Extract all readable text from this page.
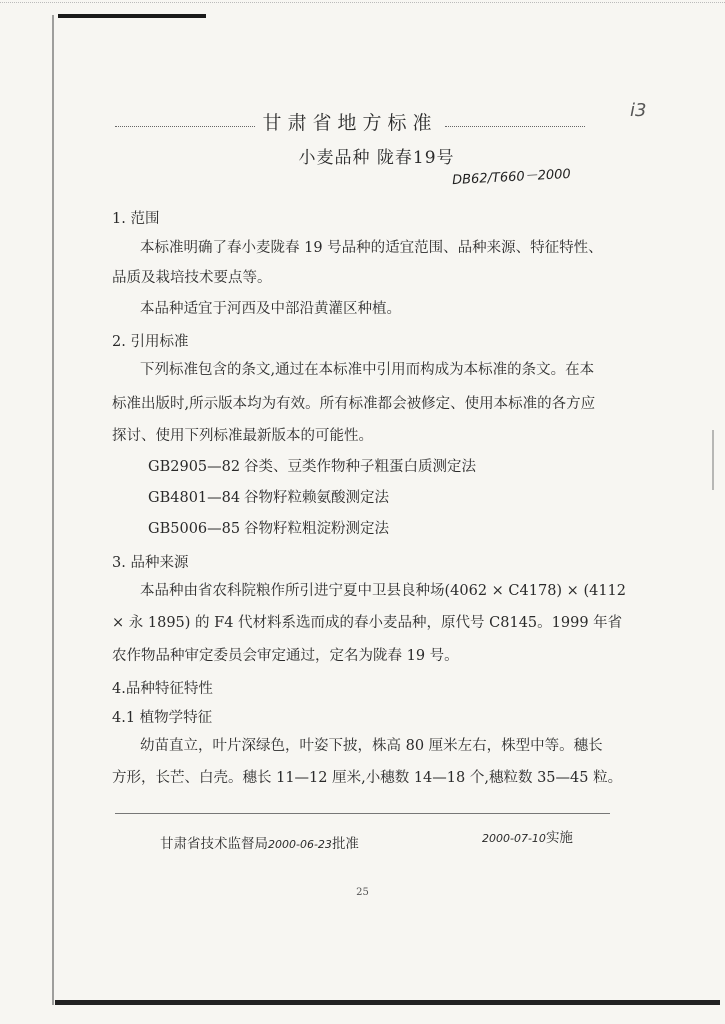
甘肃省地方标准
小麦品种 陇春19号
DB62/T660－2000
ⅰ3
1. 范围
本标准明确了春小麦陇春 19 号品种的适宜范围、品种来源、特征特性、
品质及栽培技术要点等。
本品种适宜于河西及中部沿黄灌区种植。
2. 引用标准
下列标准包含的条文,通过在本标准中引用而构成为本标准的条文。在本
标准出版时,所示版本均为有效。所有标准都会被修定、使用本标准的各方应
探讨、使用下列标准最新版本的可能性。
GB2905—82 谷类、豆类作物种子粗蛋白质测定法
GB4801—84 谷物籽粒赖氨酸测定法
GB5006—85 谷物籽粒粗淀粉测定法
3. 品种来源
本品种由省农科院粮作所引进宁夏中卫县良种场(4062 × C4178) × (4112
× 永 1895) 的 F4 代材料系选而成的春小麦品种，原代号 C8145。1999 年省
农作物品种审定委员会审定通过，定名为陇春 19 号。
4.品种特征特性
4.1 植物学特征
幼苗直立，叶片深绿色，叶姿下披，株高 80 厘米左右，株型中等。穗长
方形，长芒、白壳。穗长 11—12 厘米,小穗数 14—18 个,穗粒数 35—45 粒。
甘肃省技术监督局2000-06-23批准	2000-07-10实施
25
